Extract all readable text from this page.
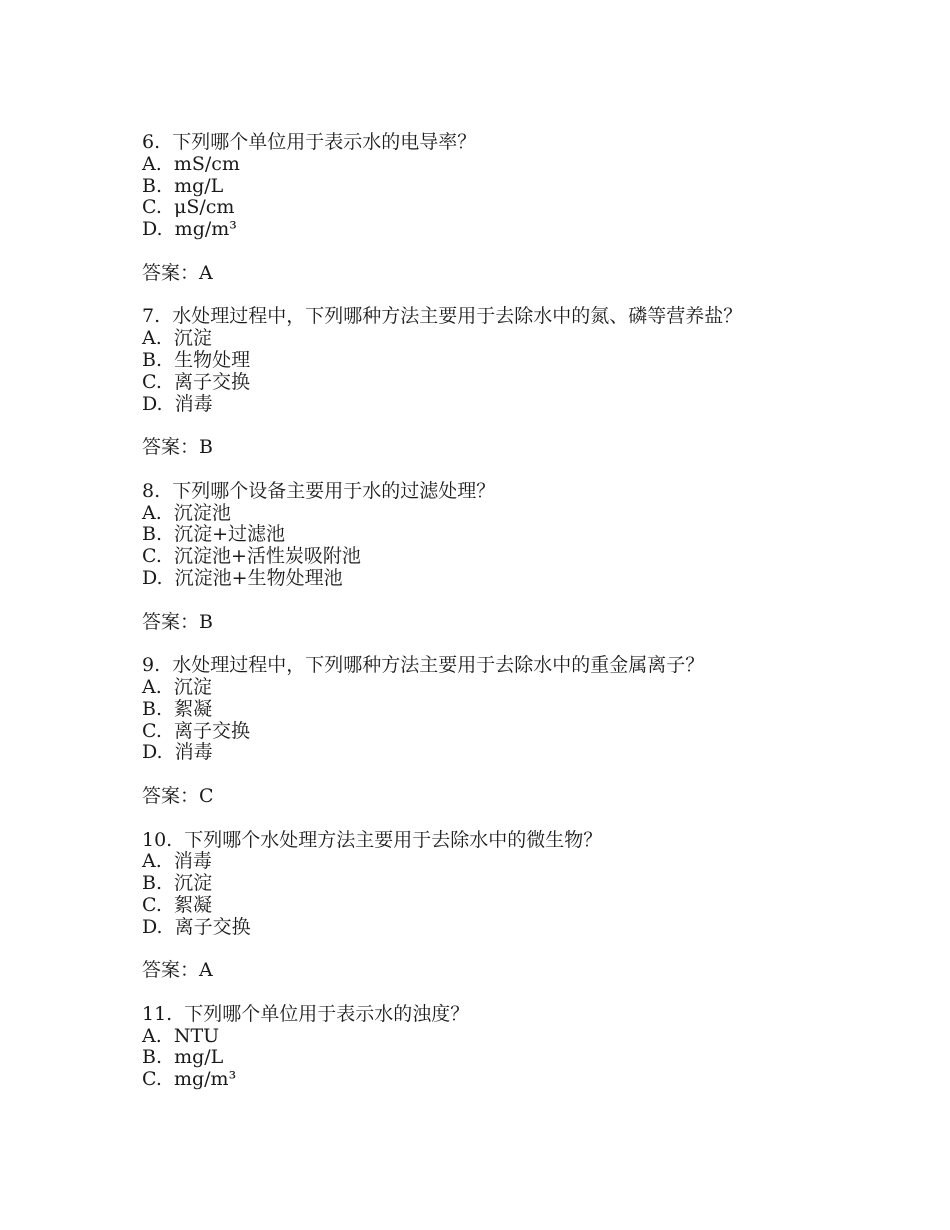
6.  下列哪个单位用于表示水的电导率？

A.  mS/cm

B.  mg/L

C.  μS/cm

D.  mg/m³

答案：A

7.  水处理过程中，下列哪种方法主要用于去除水中的氮、磷等营养盐？

A.  沉淀

B.  生物处理

C.  离子交换

D.  消毒

答案：B

8.  下列哪个设备主要用于水的过滤处理？

A.  沉淀池

B.  沉淀+过滤池

C.  沉淀池+活性炭吸附池

D.  沉淀池+生物处理池

答案：B

9.  水处理过程中，下列哪种方法主要用于去除水中的重金属离子？

A.  沉淀

B.  絮凝

C.  离子交换

D.  消毒

答案：C

10.  下列哪个水处理方法主要用于去除水中的微生物？

A.  消毒

B.  沉淀

C.  絮凝

D.  离子交换

答案：A

11.  下列哪个单位用于表示水的浊度？

A.  NTU

B.  mg/L

C.  mg/m³
